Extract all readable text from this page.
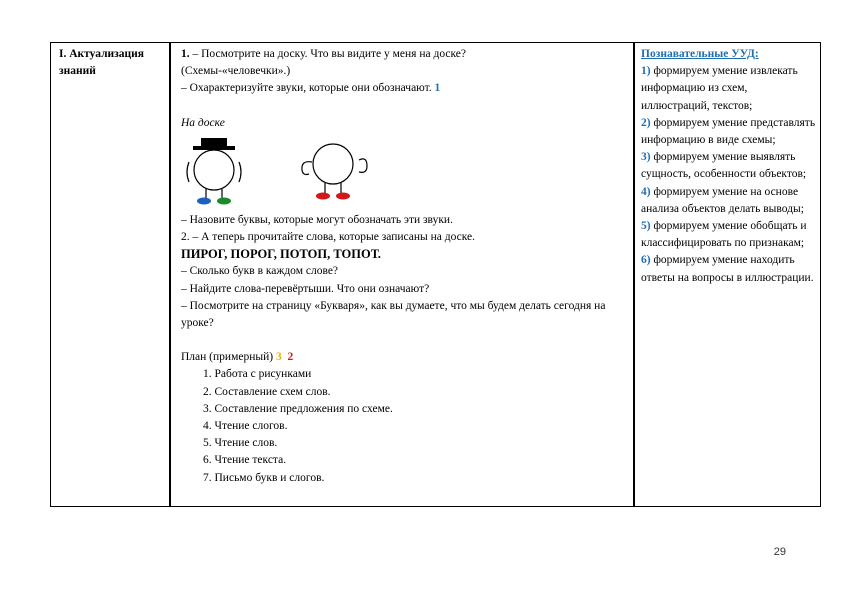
I. Актуализация знаний
1. – Посмотрите на доску. Что вы видите у меня на доске?
(Схемы-«человечки».)
– Охарактеризуйте звуки, которые они обозначают. 1
На доске
– Назовите буквы, которые могут обозначать эти звуки.
2. – А теперь прочитайте слова, которые записаны на доске.
ПИРОГ, ПОРОГ, ПОТОП, ТОПОТ.
– Сколько букв в каждом слове?
– Найдите слова-перевёртыши. Что они означают?
– Посмотрите на страницу «Букваря», как вы думаете, что мы будем делать сегодня на уроке?
План (примерный) 3 2
1. Работа с рисунками
2. Составление схем слов.
3. Составление предложения по схеме.
4. Чтение слогов.
5. Чтение слов.
6. Чтение текста.
7. Письмо букв и слогов.
Познавательные УУД:
1) формируем умение извлекать информацию из схем, иллюстраций, текстов;
2) формируем умение представлять информацию в виде схемы;
3) формируем умение выявлять сущность, особенности объектов;
4) формируем умение на основе анализа объектов делать выводы;
5) формируем умение обобщать и классифицировать по признакам;
6) формируем умение находить ответы на вопросы в иллюстрации.
29
